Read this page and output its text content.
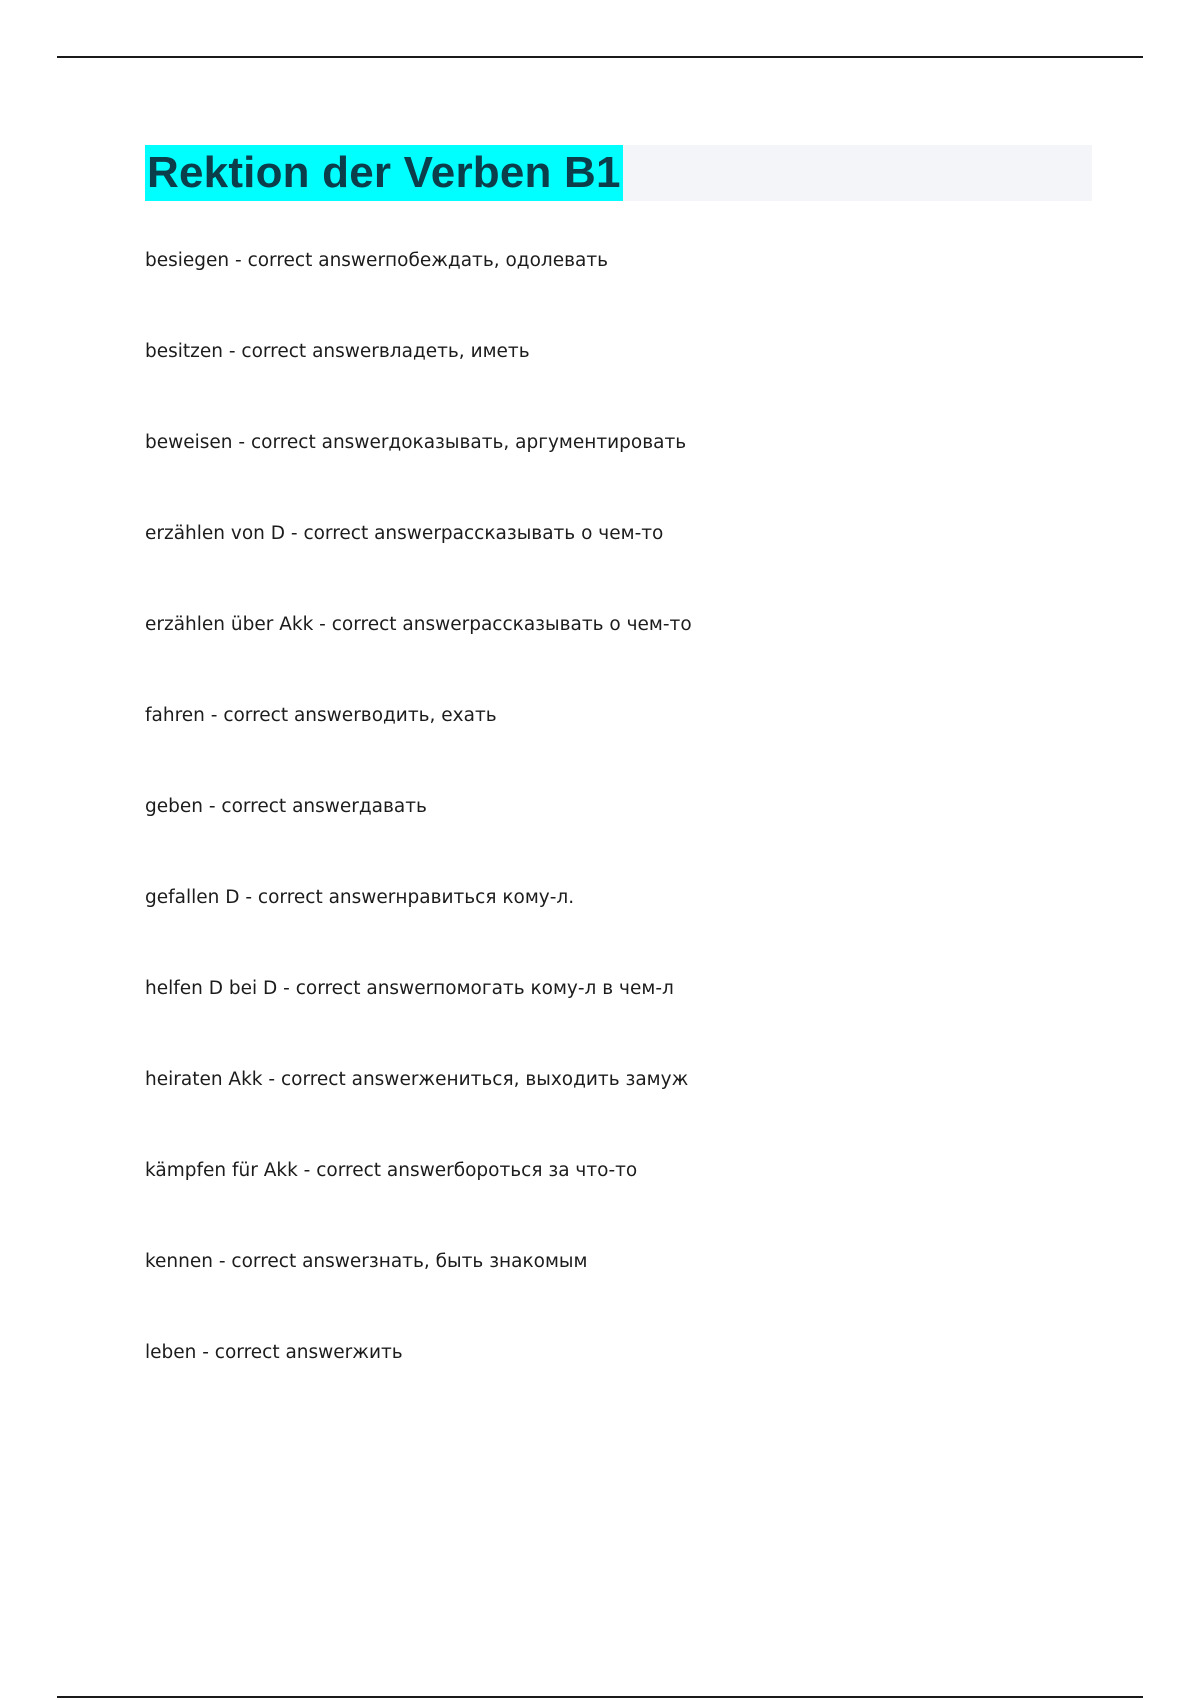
Rektion der Verben B1
besiegen - correct answerпобеждать, одолевать
besitzen - correct answerвладеть, иметь
beweisen - correct answerдоказывать, аргументировать
erzählen von D - correct answerрассказывать о чем-то
erzählen über Akk - correct answerрассказывать о чем-то
fahren - correct answerводить, ехать
geben - correct answerдавать
gefallen D - correct answerнравиться кому-л.
helfen D bei D - correct answerпомогать кому-л в чем-л
heiraten Akk - correct answerжениться, выходить замуж
kämpfen für Akk - correct answerбороться за что-то
kennen - correct answerзнать, быть знакомым
leben - correct answerжить
